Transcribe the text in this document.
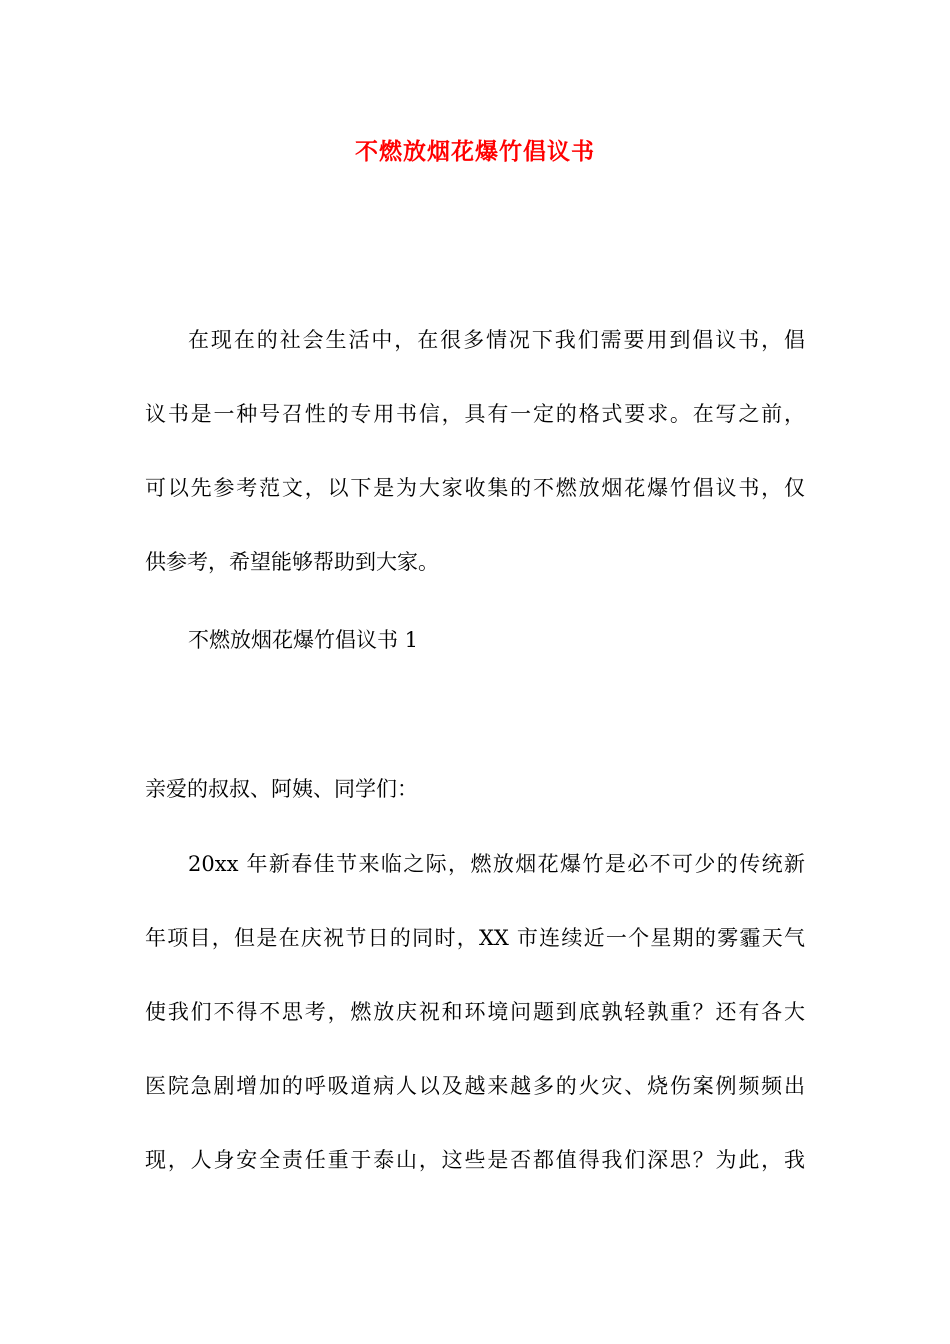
不燃放烟花爆竹倡议书
在现在的社会生活中，在很多情况下我们需要用到倡议书，倡
议书是一种号召性的专用书信，具有一定的格式要求。在写之前，
可以先参考范文，以下是为大家收集的不燃放烟花爆竹倡议书，仅
供参考，希望能够帮助到大家。
不燃放烟花爆竹倡议书 1
亲爱的叔叔、阿姨、同学们：
20xx 年新春佳节来临之际，燃放烟花爆竹是必不可少的传统新
年项目，但是在庆祝节日的同时，XX 市连续近一个星期的雾霾天气
使我们不得不思考，燃放庆祝和环境问题到底孰轻孰重？还有各大
医院急剧增加的呼吸道病人以及越来越多的火灾、烧伤案例频频出
现，人身安全责任重于泰山，这些是否都值得我们深思？为此，我
